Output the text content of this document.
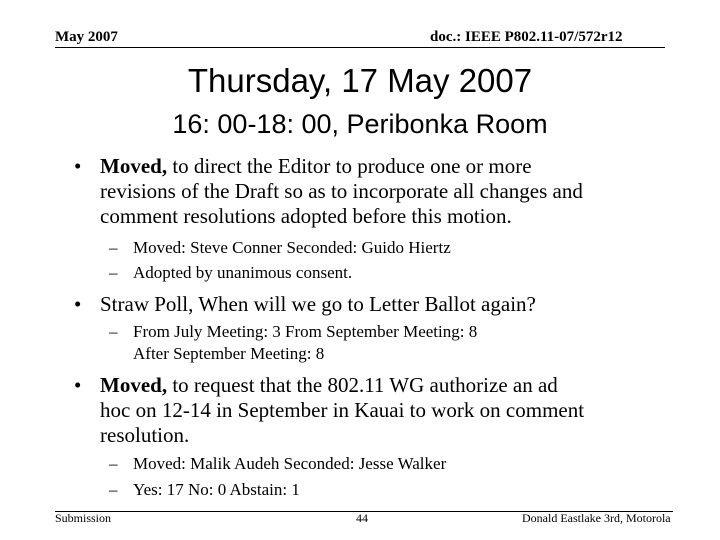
May 2007	doc.: IEEE P802.11-07/572r12
Thursday, 17 May 2007
16: 00-18: 00, Peribonka Room
• Moved, to direct the Editor to produce one or more
revisions of the Draft so as to incorporate all changes and
comment resolutions adopted before this motion.
– Moved: Steve Conner Seconded: Guido Hiertz
– Adopted by unanimous consent.
• Straw Poll, When will we go to Letter Ballot again?
– From July Meeting: 3 From September Meeting: 8
After September Meeting: 8
• Moved, to request that the 802.11 WG authorize an ad
hoc on 12-14 in September in Kauai to work on comment
resolution.
– Moved: Malik Audeh Seconded: Jesse Walker
– Yes: 17 No: 0 Abstain: 1
Submission	44	Donald Eastlake 3rd, Motorola
